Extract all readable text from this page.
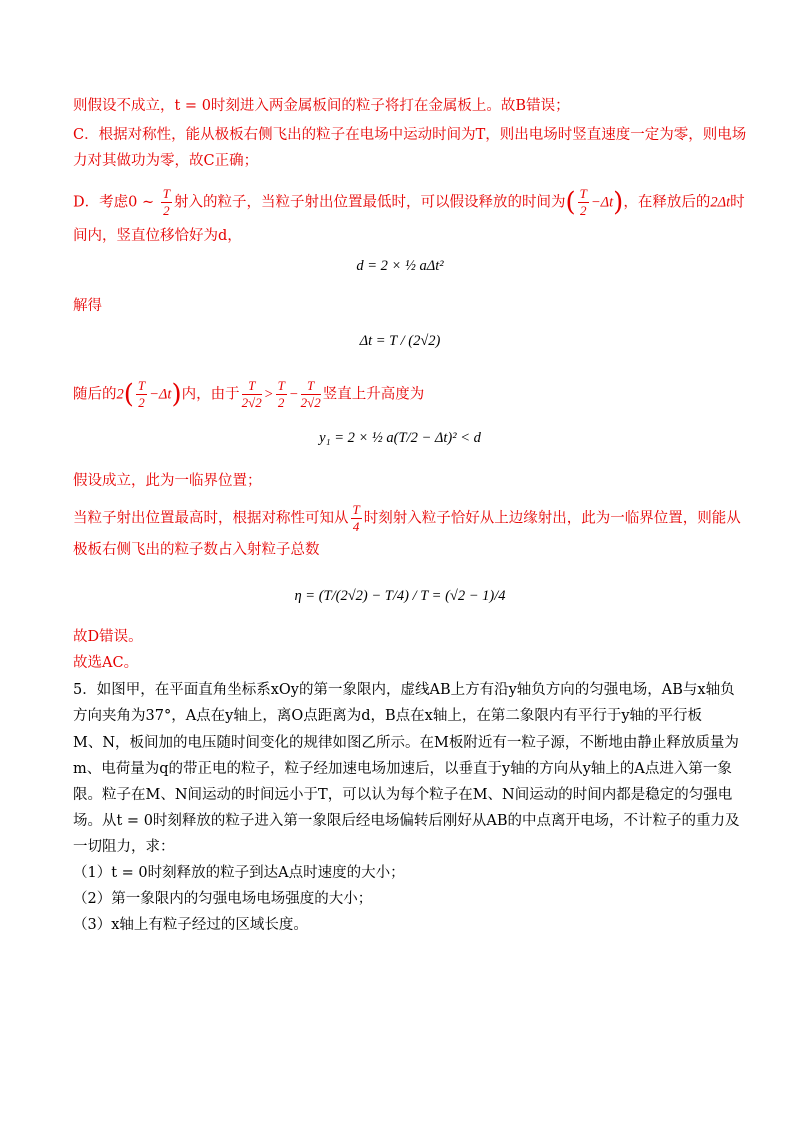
则假设不成立，t = 0时刻进入两金属板间的粒子将打在金属板上。故B错误；
C．根据对称性，能从极板右侧飞出的粒子在电场中运动时间为T，则出电场时竖直速度一定为零，则电场
力对其做功为零，故C正确；
D．考虑0 ~ $\frac{T}{2}$ 射入的粒子，当粒子射出位置最低时，可以假设释放的时间为( $\frac{T}{2} -\Delta t$)，在释放后的2Δt时
间内，竖直位移恰好为d，
d = 2 × ½ aΔt²
解得
Δt = T / (2√2)
随后的$2( \frac{T}{2} -\Delta t)$内，由于 $\frac{T}{2√2} > \frac{T}{2} - \frac{T}{2√2}$ 竖直上升高度为
y₁ = 2 × ½ a(T/2 − Δt)² < d
假设成立，此为一临界位置；
当粒子射出位置最高时，根据对称性可知从 $\frac{T}{4}$ 时刻射入粒子恰好从上边缘射出，此为一临界位置，则能从
极板右侧飞出的粒子数占入射粒子总数
η = (T/(2√2) − T/4) / T = (√2 − 1)/4
故D错误。
故选AC。
5．如图甲，在平面直角坐标系xOy的第一象限内，虚线AB上方有沿y轴负方向的匀强电场，AB与x轴负
方向夹角为37°，A点在y轴上，离O点距离为d，B点在x轴上，在第二象限内有平行于y轴的平行板
M、N，板间加的电压随时间变化的规律如图乙所示。在M板附近有一粒子源，不断地由静止释放质量为
m、电荷量为q的带正电的粒子，粒子经加速电场加速后，以垂直于y轴的方向从y轴上的A点进入第一象
限。粒子在M、N间运动的时间远小于T，可以认为每个粒子在M、N间运动的时间内都是稳定的匀强电
场。从t = 0时刻释放的粒子进入第一象限后经电场偏转后刚好从AB的中点离开电场，不计粒子的重力及
一切阻力，求：
（1）t = 0时刻释放的粒子到达A点时速度的大小；
（2）第一象限内的匀强电场电场强度的大小；
（3）x轴上有粒子经过的区域长度。
